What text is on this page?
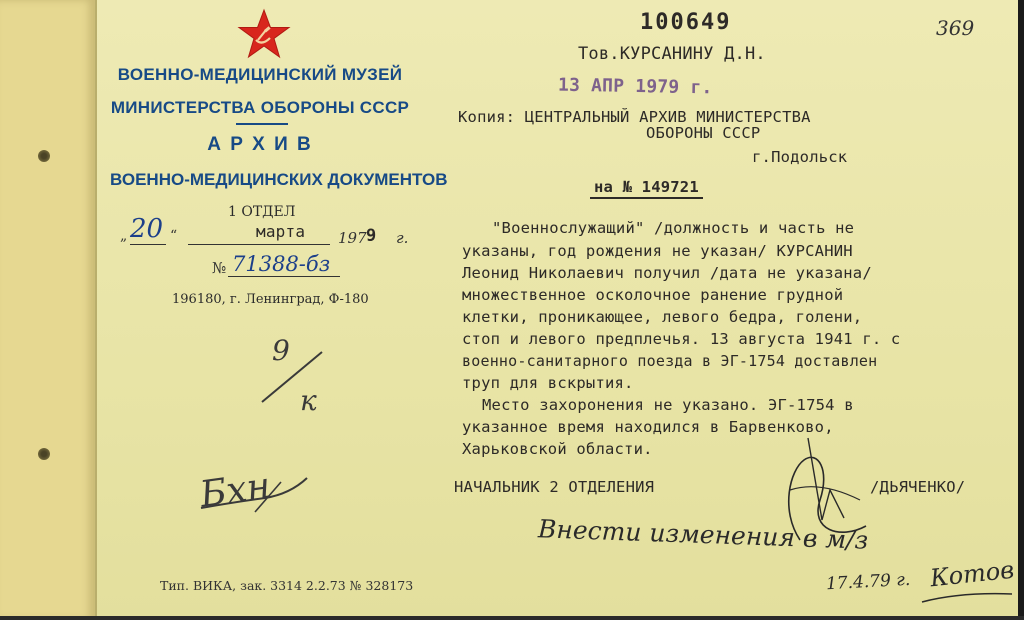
ВОЕННО-МЕДИЦИНСКИЙ МУЗЕЙ
МИНИСТЕРСТВА ОБОРОНЫ СССР
А Р Х И В
ВОЕННО-МЕДИЦИНСКИХ ДОКУМЕНТОВ
1 ОТДЕЛ
„ 20 “	марта 197 9 г.
№ 71388-бз
196180, г. Ленинград, Ф-180
9
к
Бхн
Тип. ВИКА, зак. 3314 2.2.73 № 328173
100649	369
Тов.КУРСАНИНУ Д.Н.
13 АПР 1979 г.
Копия: ЦЕНТРАЛЬНЫЙ АРХИВ МИНИСТЕРСТВА
ОБОРОНЫ СССР
г.Подольск
на № 149721
"Военнослужащий" /должность и часть не
указаны, год рождения не указан/ КУРСАНИН
Леонид Николаевич получил /дата не указана/
множественное осколочное ранение грудной
клетки, проникающее, левого бедра, голени,
стоп и левого предплечья. 13 августа 1941 г. с
военно-санитарного поезда в ЭГ-1754 доставлен
труп для вскрытия.
Место захоронения не указано. ЭГ-1754 в
указанное время находился в Барвенково,
Харьковской области.
НАЧАЛЬНИК 2 ОТДЕЛЕНИЯ	/ДЬЯЧЕНКО/
Внести изменения в м/з
17.4.79 г. Котов
